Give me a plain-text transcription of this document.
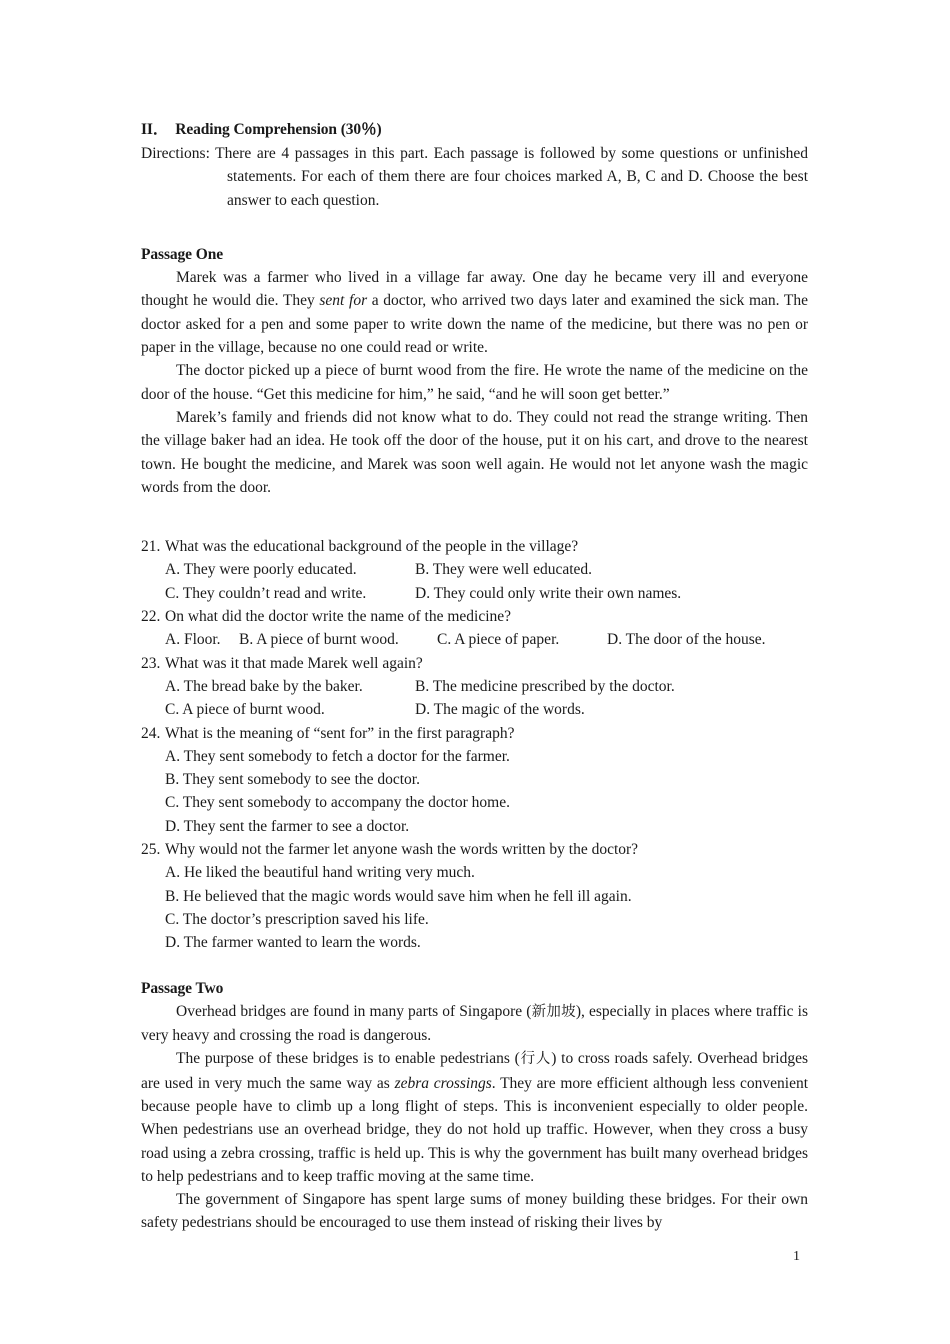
II． Reading Comprehension (30％)

Directions: There are 4 passages in this part. Each passage is followed by some questions or unfinished statements. For each of them there are four choices marked A, B, C and D. Choose the best answer to each question.

Passage One

Marek was a farmer who lived in a village far away. One day he became very ill and everyone thought he would die. They sent for a doctor, who arrived two days later and examined the sick man. The doctor asked for a pen and some paper to write down the name of the medicine, but there was no pen or paper in the village, because no one could read or write.

The doctor picked up a piece of burnt wood from the fire. He wrote the name of the medicine on the door of the house. “Get this medicine for him,” he said, “and he will soon get better.”

Marek’s family and friends did not know what to do. They could not read the strange writing. Then the village baker had an idea. He took off the door of the house, put it on his cart, and drove to the nearest town. He bought the medicine, and Marek was soon well again. He would not let anyone wash the magic words from the door.

21. What was the educational background of the people in the village?

A. They were poorly educated.	B. They were well educated.

C. They couldn’t read and write.	D. They could only write their own names.

22. On what did the doctor write the name of the medicine?

A. Floor. B. A piece of burnt wood. C. A piece of paper.	D. The door of the house.

23. What was it that made Marek well again?

A. The bread bake by the baker.	B. The medicine prescribed by the doctor.

C. A piece of burnt wood.	D. The magic of the words.

24. What is the meaning of “sent for” in the first paragraph?

A. They sent somebody to fetch a doctor for the farmer.

B. They sent somebody to see the doctor.

C. They sent somebody to accompany the doctor home.

D. They sent the farmer to see a doctor.

25. Why would not the farmer let anyone wash the words written by the doctor?

A. He liked the beautiful hand writing very much.

B. He believed that the magic words would save him when he fell ill again.

C. The doctor’s prescription saved his life.

D. The farmer wanted to learn the words.

Passage Two

Overhead bridges are found in many parts of Singapore (新加坡), especially in places where traffic is very heavy and crossing the road is dangerous.

The purpose of these bridges is to enable pedestrians (行人) to cross roads safely. Overhead bridges are used in very much the same way as zebra crossings. They are more efficient although less convenient because people have to climb up a long flight of steps. This is inconvenient especially to older people. When pedestrians use an overhead bridge, they do not hold up traffic. However, when they cross a busy road using a zebra crossing, traffic is held up. This is why the government has built many overhead bridges to help pedestrians and to keep traffic moving at the same time.

The government of Singapore has spent large sums of money building these bridges. For their own safety pedestrians should be encouraged to use them instead of risking their lives by

1
